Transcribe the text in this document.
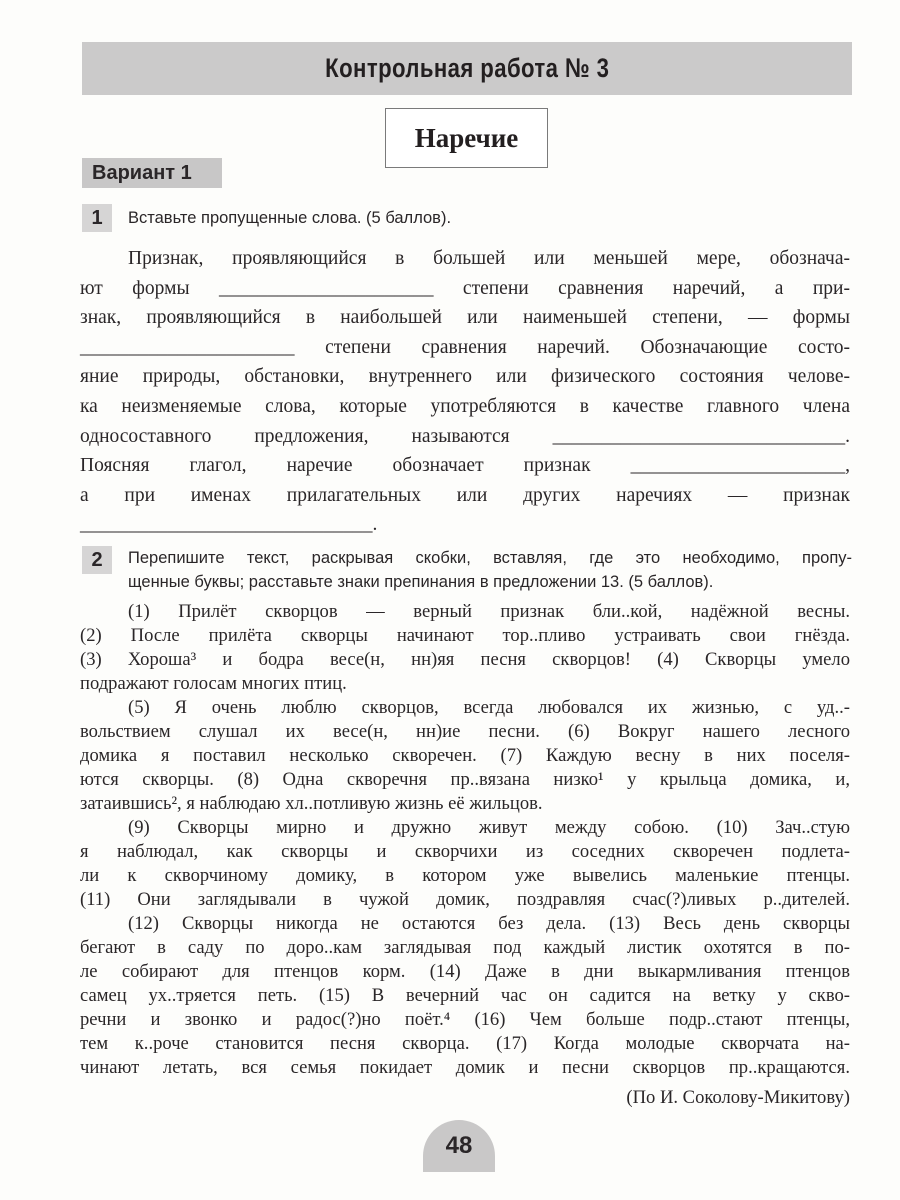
Контрольная работа № 3
Наречие
Вариант 1
1	Вставьте пропущенные слова. (5 баллов).
Признак, проявляющийся в большей или меньшей мере, обознача-
ют формы ______________________ степени сравнения наречий, а при-
знак, проявляющийся в наибольшей или наименьшей степени, — формы
______________________ степени сравнения наречий. Обозначающие состо-
яние природы, обстановки, внутреннего или физического состояния челове-
ка неизменяемые слова, которые употребляются в качестве главного члена
односоставного предложения, называются ______________________________.
Поясняя глагол, наречие обозначает признак ______________________,
а при именах прилагательных или других наречиях — признак
______________________________.
2	Перепишите текст, раскрывая скобки, вставляя, где это необходимо, пропу-
щенные буквы; расставьте знаки препинания в предложении 13. (5 баллов).
(1) Прилёт скворцов — верный признак бли..кой, надёжной весны.
(2) После прилёта скворцы начинают тор..пливо устраивать свои гнёзда.
(3) Хороша³ и бодра весе(н, нн)яя песня скворцов! (4) Скворцы умело
подражают голосам многих птиц.
(5) Я очень люблю скворцов, всегда любовался их жизнью, с уд..-
вольствием слушал их весе(н, нн)ие песни. (6) Вокруг нашего лесного
домика я поставил несколько скворечен. (7) Каждую весну в них поселя-
ются скворцы. (8) Одна скворечня пр..вязана низко¹ у крыльца домика, и,
затаившись², я наблюдаю хл..потливую жизнь её жильцов.
(9) Скворцы мирно и дружно живут между собою. (10) Зач..стую
я наблюдал, как скворцы и скворчихи из соседних скворечен подлета-
ли к скворчиному домику, в котором уже вывелись маленькие птенцы.
(11) Они заглядывали в чужой домик, поздравляя счас(?)ливых р..дителей.
(12) Скворцы никогда не остаются без дела. (13) Весь день скворцы
бегают в саду по доро..кам заглядывая под каждый листик охотятся в по-
ле собирают для птенцов корм. (14) Даже в дни выкармливания птенцов
самец ух..тряется петь. (15) В вечерний час он садится на ветку у скво-
речни и звонко и радос(?)но поёт.⁴ (16) Чем больше подр..стают птенцы,
тем к..роче становится песня скворца. (17) Когда молодые скворчата на-
чинают летать, вся семья покидает домик и песни скворцов пр..кращаются.
(По И. Соколову-Микитову)
48
